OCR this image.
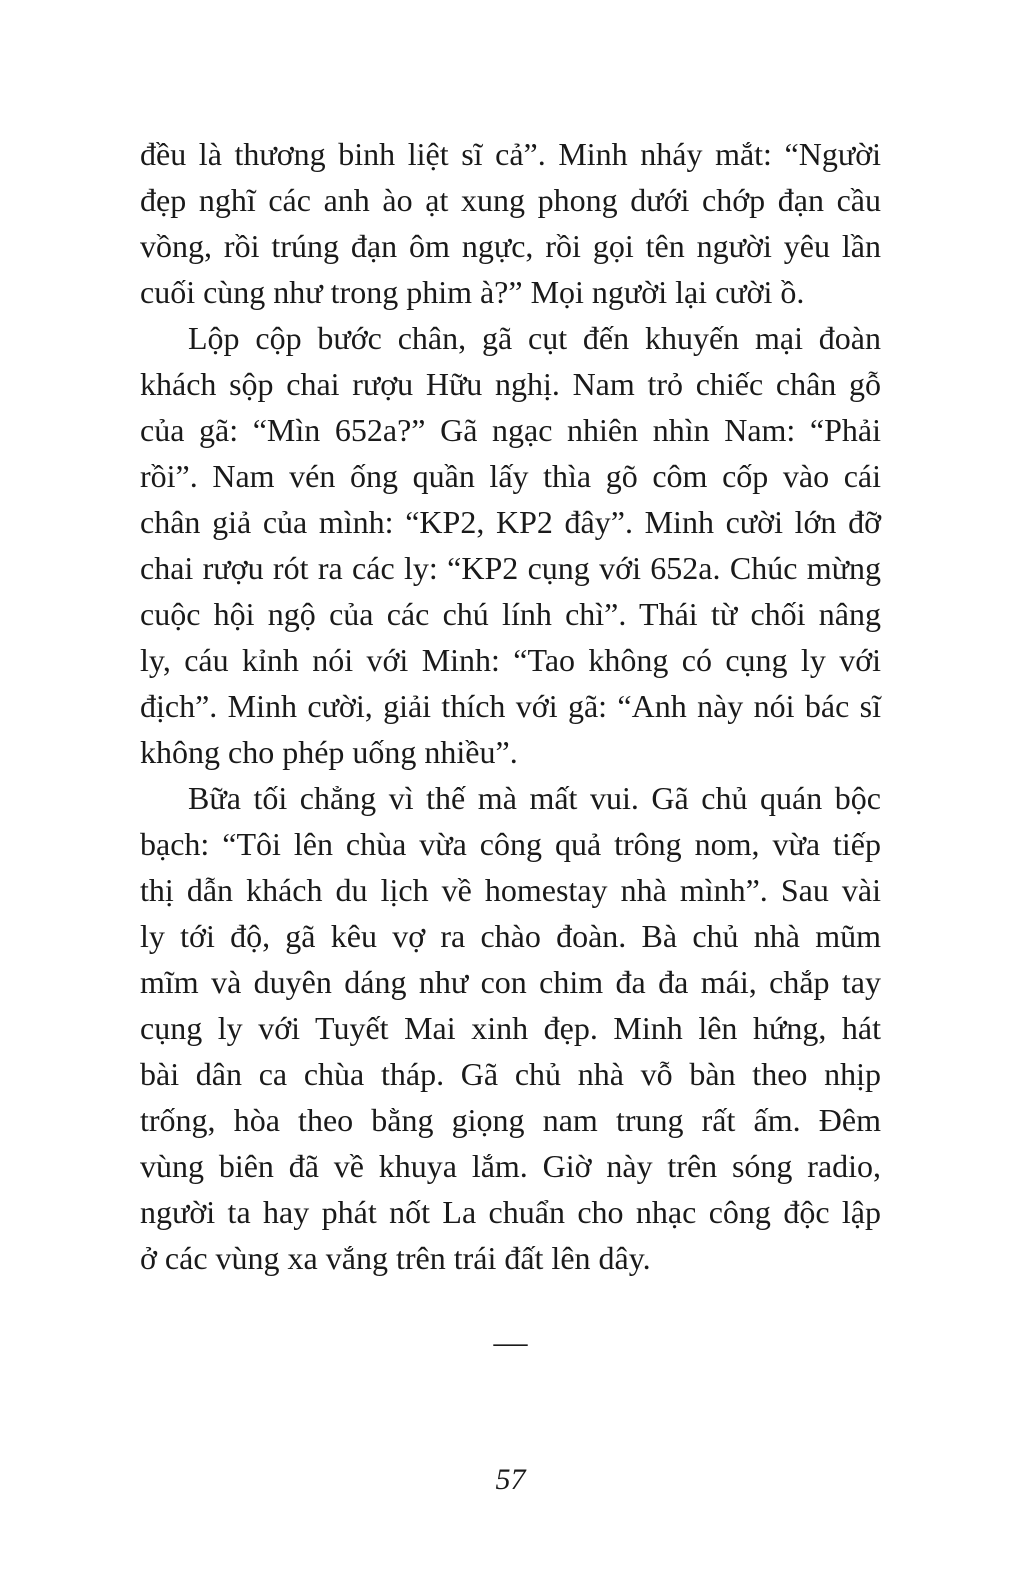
đều là thương binh liệt sĩ cả”. Minh nháy mắt: “Người
đẹp nghĩ các anh ào ạt xung phong dưới chớp đạn cầu
vồng, rồi trúng đạn ôm ngực, rồi gọi tên người yêu lần
cuối cùng như trong phim à?” Mọi người lại cười ồ.
Lộp cộp bước chân, gã cụt đến khuyến mại đoàn
khách sộp chai rượu Hữu nghị. Nam trỏ chiếc chân gỗ
của gã: “Mìn 652a?” Gã ngạc nhiên nhìn Nam: “Phải
rồi”. Nam vén ống quần lấy thìa gõ côm cốp vào cái
chân giả của mình: “KP2, KP2 đây”. Minh cười lớn đỡ
chai rượu rót ra các ly: “KP2 cụng với 652a. Chúc mừng
cuộc hội ngộ của các chú lính chì”. Thái từ chối nâng
ly, cáu kỉnh nói với Minh: “Tao không có cụng ly với
địch”. Minh cười, giải thích với gã: “Anh này nói bác sĩ
không cho phép uống nhiều”.
Bữa tối chẳng vì thế mà mất vui. Gã chủ quán bộc
bạch: “Tôi lên chùa vừa công quả trông nom, vừa tiếp
thị dẫn khách du lịch về homestay nhà mình”. Sau vài
ly tới độ, gã kêu vợ ra chào đoàn. Bà chủ nhà mũm
mĩm và duyên dáng như con chim đa đa mái, chắp tay
cụng ly với Tuyết Mai xinh đẹp. Minh lên hứng, hát
bài dân ca chùa tháp. Gã chủ nhà vỗ bàn theo nhịp
trống, hòa theo bằng giọng nam trung rất ấm. Đêm
vùng biên đã về khuya lắm. Giờ này trên sóng radio,
người ta hay phát nốt La chuẩn cho nhạc công độc lập
ở các vùng xa vắng trên trái đất lên dây.
—
57
